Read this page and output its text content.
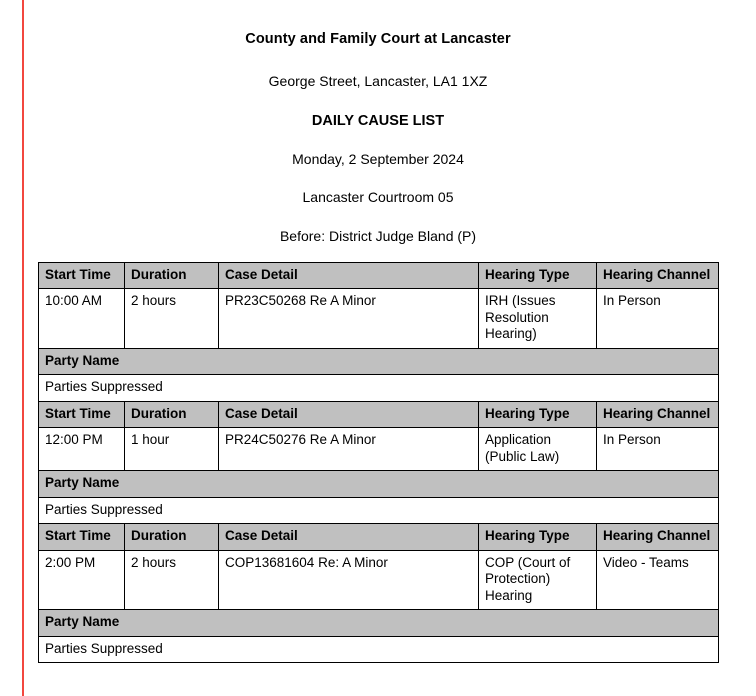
County and Family Court at Lancaster
George Street, Lancaster, LA1 1XZ
DAILY CAUSE LIST
Monday, 2 September 2024
Lancaster Courtroom 05
Before: District Judge Bland (P)
Start Time	Duration	Case Detail	Hearing Type	Hearing Channel
10:00 AM	2 hours	PR23C50268 Re A Minor	IRH (Issues Resolution Hearing)	In Person
Party Name				
Parties Suppressed				
Start Time	Duration	Case Detail	Hearing Type	Hearing Channel
12:00 PM	1 hour	PR24C50276 Re A Minor	Application (Public Law)	In Person
Party Name				
Parties Suppressed				
Start Time	Duration	Case Detail	Hearing Type	Hearing Channel
2:00 PM	2 hours	COP13681604 Re: A Minor	COP (Court of Protection) Hearing	Video - Teams
Party Name				
Parties Suppressed				
